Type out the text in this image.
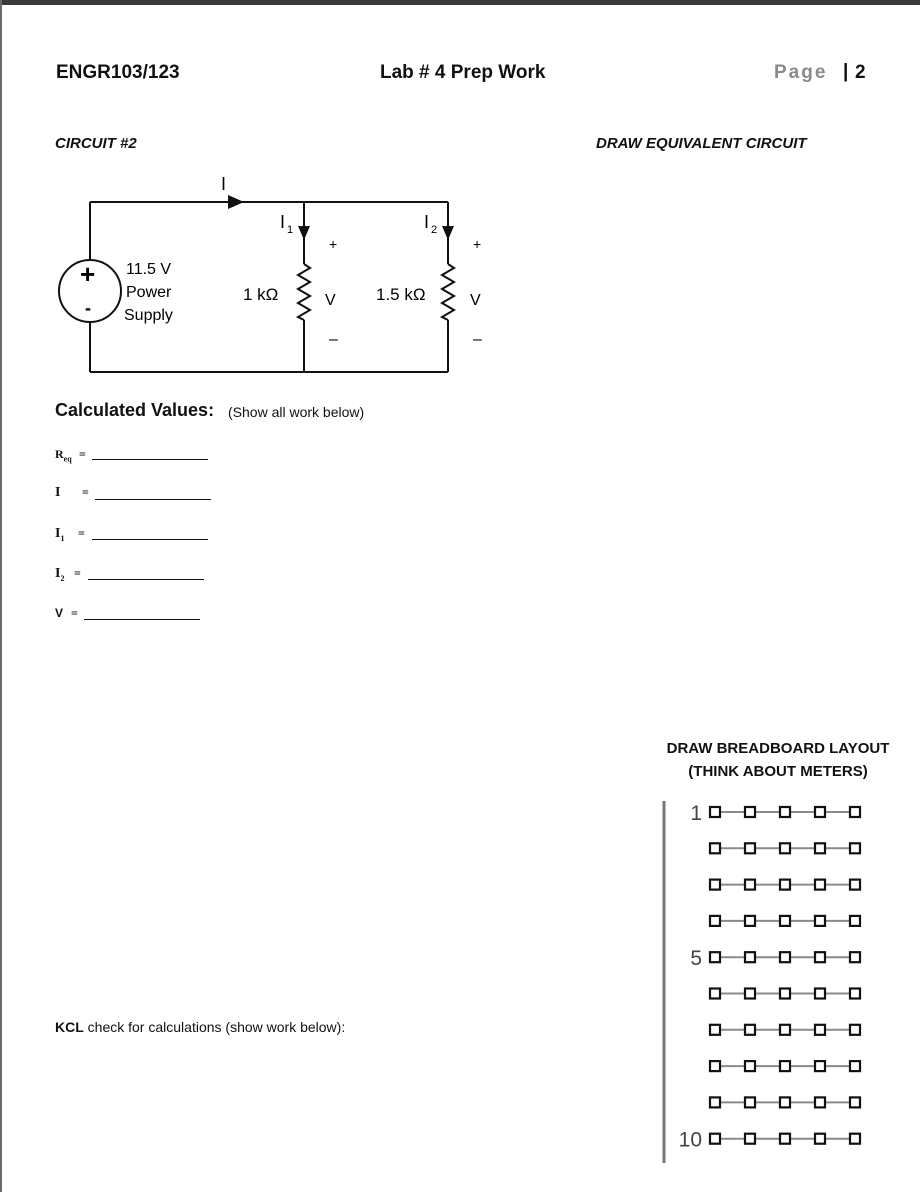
ENGR103/123	Lab # 4 Prep Work	Page | 2
CIRCUIT #2	DRAW EQUIVALENT CIRCUIT
I
I 1	I 2
+
-
11.5 V
Power
Supply
1 kΩ	1.5 kΩ
+
V
–
+
V
–
Calculated Values: (Show all work below)
$R_{eq}$ =
I =
$I_1$ =
$I_2$ =
V =
DRAW BREADBOARD LAYOUT
(THINK ABOUT METERS)
KCL check for calculations (show work below):
1
5
10
